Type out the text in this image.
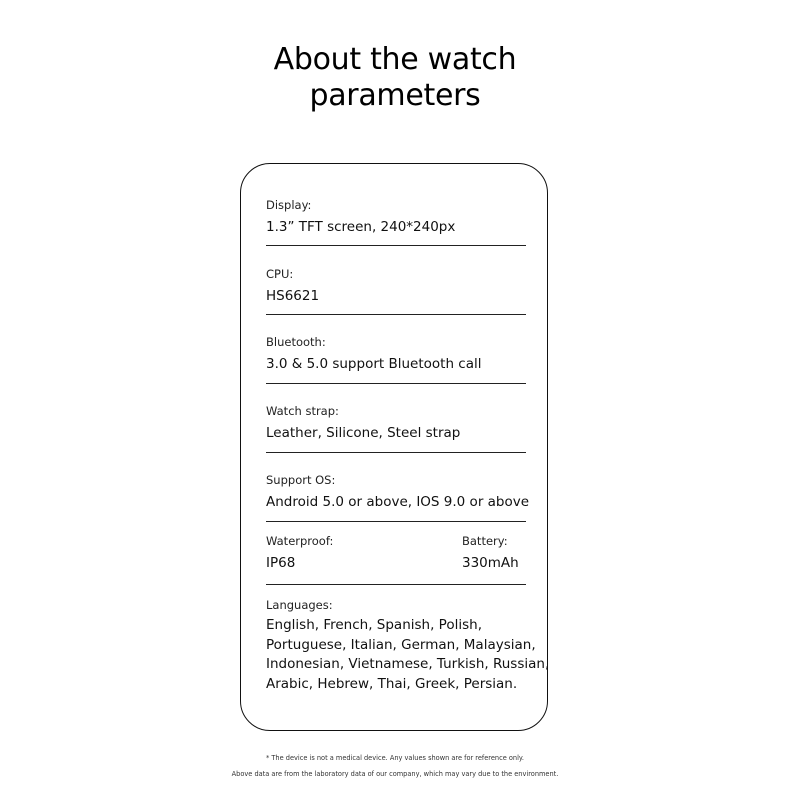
About the watch
parameters
Display:
1.3” TFT screen, 240*240px
CPU:
HS6621
Bluetooth:
3.0 & 5.0 support Bluetooth call
Watch strap:
Leather, Silicone, Steel strap
Support OS:
Android 5.0 or above, IOS 9.0 or above
Waterproof:
IP68
Battery:
330mAh
Languages:
English, French, Spanish, Polish,
Portuguese, Italian, German, Malaysian,
Indonesian, Vietnamese, Turkish, Russian,
Arabic, Hebrew, Thai, Greek, Persian.
* The device is not a medical device. Any values shown are for reference only.
Above data are from the laboratory data of our company, which may vary due to the environment.
